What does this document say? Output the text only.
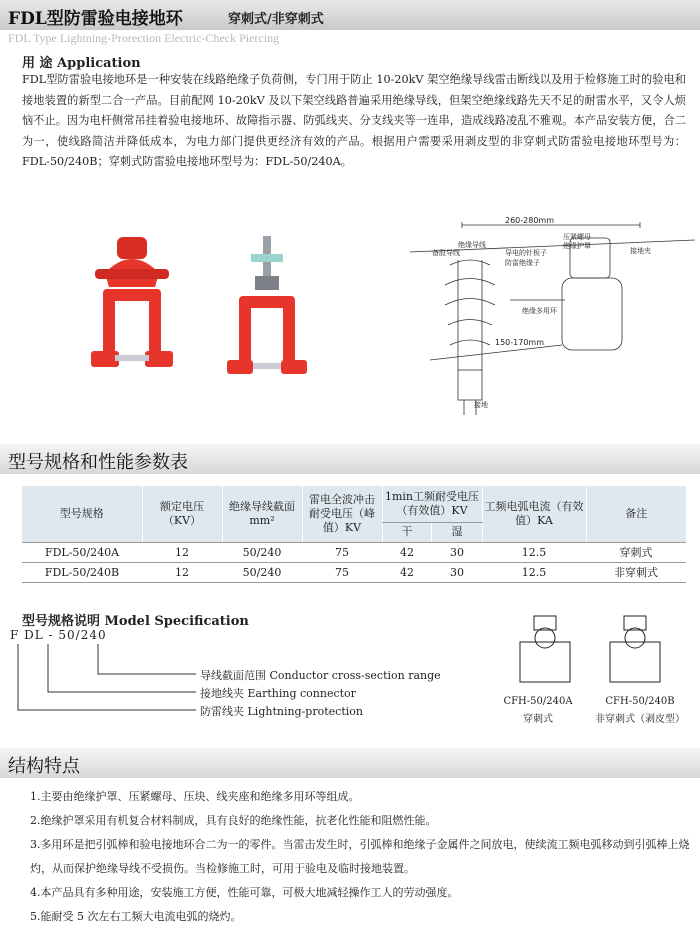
FDL型防雷验电接地环	穿刺式/非穿刺式
FDL Type Lightning-Prorection Electric-Check Piercing
用 途 Application
FDL型防雷验电接地环是一种安装在线路绝缘子负荷侧，专门用于防止 10-20kV 架空绝缘导线雷击断线以及用于检修施工时的验电和接地装置的新型二合一产品。目前配网 10-20kV 及以下架空线路普遍采用绝缘导线，但架空绝缘线路先天不足的耐雷水平，又令人烦恼不止。因为电杆侧常吊挂着验电接地环、故障指示器、防弧线夹、分支线夹等一连串，造成线路凌乱不雅观。本产品安装方便，合二为一，使线路简洁并降低成本，为电力部门提供更经济有效的产品。根据用户需要采用剥皮型的非穿刺式防雷验电接地环型号为：FDL-50/240B；穿刺式防雷验电接地环型号为：FDL-50/240A。
备股导线
绝缘导线
导电的针板子
防雷绝缘子
压紧螺母
绝缘护罩
接地夹
绝缘多用环
接地
260-280mm
150-170mm
型号规格和性能参数表
型号规格	额定电压（KV）	绝缘导线截面mm²	雷电全波冲击耐受电压（峰值）KV	1min工频耐受电压（有效值）KV		工频电弧电流（有效值）KA	备注
				干	湿		
FDL-50/240A	12	50/240	75	42	30	12.5	穿刺式
FDL-50/240B	12	50/240	75	42	30	12.5	非穿刺式
型号规格说明 Model Specification
F DL - 50/240
导线截面范围 Conductor cross-section range
接地线夹 Earthing connector
防雷线夹 Lightning-protection
CFH-50/240A
穿刺式
CFH-50/240B
非穿刺式（剥皮型）
结构特点
1.主要由绝缘护罩、压紧螺母、压块、线夹座和绝缘多用环等组成。
2.绝缘护罩采用有机复合材料制成，具有良好的绝缘性能，抗老化性能和阻燃性能。
3.多用环是把引弧棒和验电接地环合二为一的零件。当雷击发生时，引弧棒和绝缘子金属件之间放电，使续流工频电弧移动到引弧棒上烧灼，从而保护绝缘导线不受损伤。当检修施工时，可用于验电及临时接地装置。
4.本产品具有多种用途，安装施工方便，性能可靠，可极大地减轻操作工人的劳动强度。
5.能耐受 5 次左右工频大电流电弧的烧灼。
